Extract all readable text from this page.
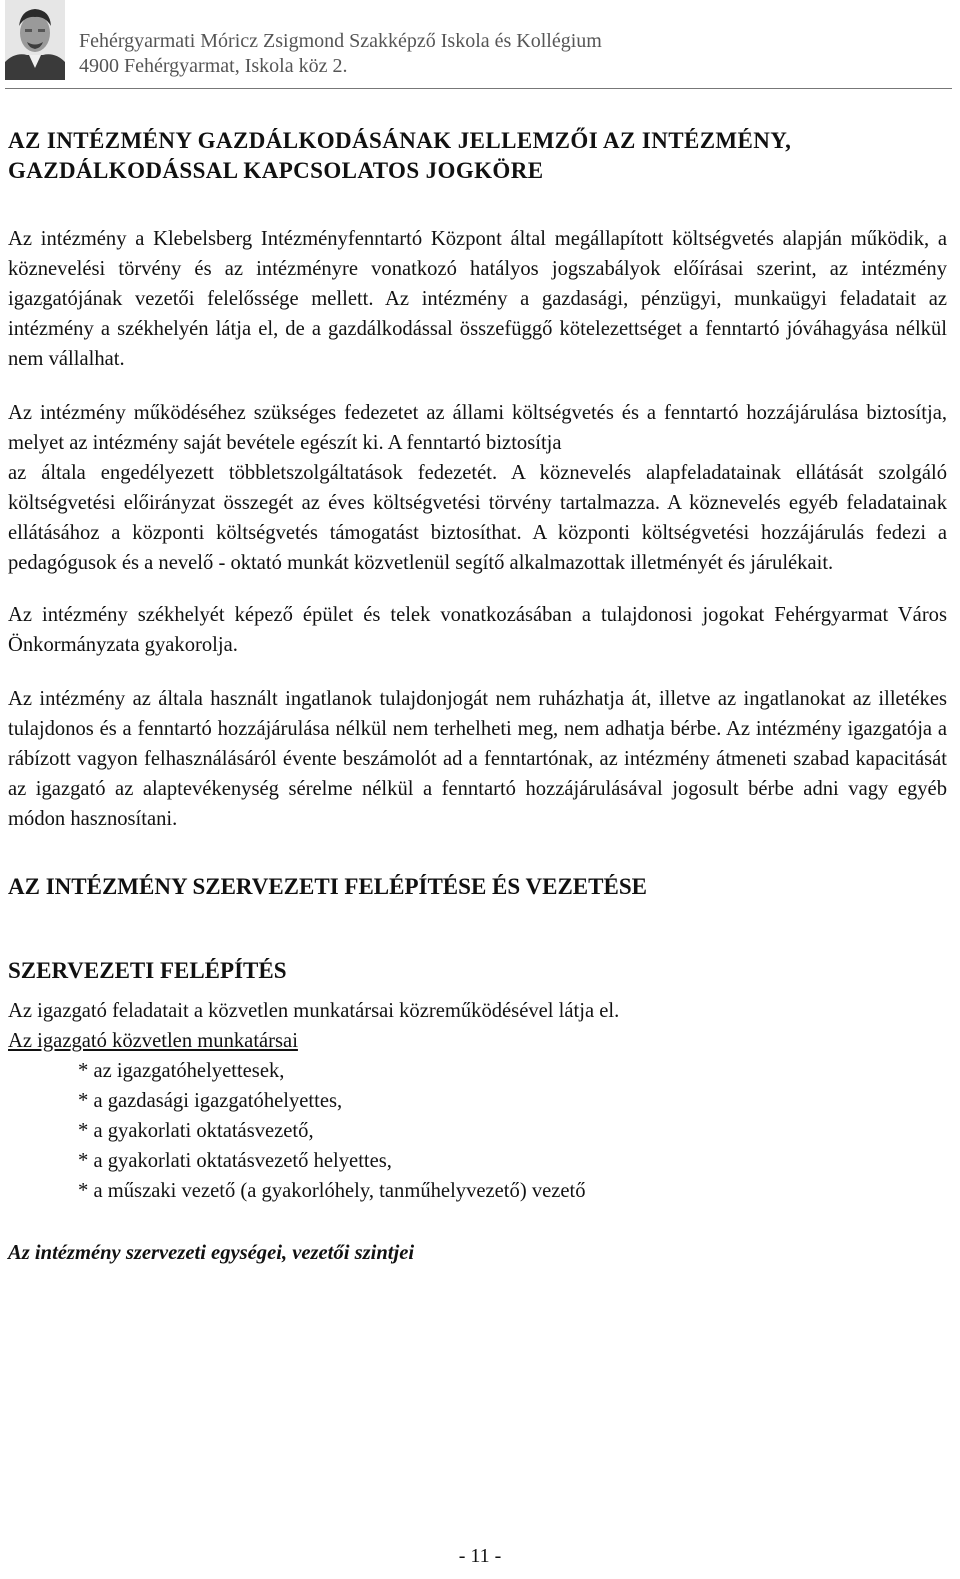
Fehérgyarmati Móricz Zsigmond Szakképző Iskola és Kollégium
4900 Fehérgyarmat, Iskola köz 2.
AZ INTÉZMÉNY GAZDÁLKODÁSÁNAK JELLEMZŐI AZ INTÉZMÉNY, GAZDÁLKODÁSSAL KAPCSOLATOS JOGKÖRE

Az intézmény a Klebelsberg Intézményfenntartó Központ által megállapított költségvetés alapján működik, a köznevelési törvény és az intézményre vonatkozó hatályos jogszabályok előírásai szerint, az intézmény igazgatójának vezetői felelőssége mellett. Az intézmény a gazdasági, pénzügyi, munkaügyi feladatait az intézmény a székhelyén látja el, de a gazdálkodással összefüggő kötelezettséget a fenntartó jóváhagyása nélkül nem vállalhat.

Az intézmény működéséhez szükséges fedezetet az állami költségvetés és a fenntartó hozzájárulása biztosítja, melyet az intézmény saját bevétele egészít ki. A fenntartó biztosítja

az általa engedélyezett többletszolgáltatások fedezetét. A köznevelés alapfeladatainak ellátását szolgáló költségvetési előirányzat összegét az éves költségvetési törvény tartalmazza. A köznevelés egyéb feladatainak ellátásához a központi költségvetés támogatást biztosíthat. A központi költségvetési hozzájárulás fedezi a pedagógusok és a nevelő ‐ oktató munkát közvetlenül segítő alkalmazottak illetményét és járulékait.

Az intézmény székhelyét képező épület és telek vonatkozásában a tulajdonosi jogokat Fehérgyarmat Város Önkormányzata gyakorolja.

Az intézmény az általa használt ingatlanok tulajdonjogát nem ruházhatja át, illetve az ingatlanokat az illetékes tulajdonos és a fenntartó hozzájárulása nélkül nem terhelheti meg, nem adhatja bérbe. Az intézmény igazgatója a rábízott vagyon felhasználásáról évente beszámolót ad a fenntartónak, az intézmény átmeneti szabad kapacitását az igazgató az alaptevékenység sérelme nélkül a fenntartó hozzájárulásával jogosult bérbe adni vagy egyéb módon hasznosítani.

AZ INTÉZMÉNY SZERVEZETI FELÉPÍTÉSE ÉS VEZETÉSE
SZERVEZETI FELÉPÍTÉS

Az igazgató feladatait a közvetlen munkatársai közreműködésével látja el.

Az igazgató közvetlen munkatársai
* az igazgatóhelyettesek,
* a gazdasági igazgatóhelyettes,
* a gyakorlati oktatásvezető,
* a gyakorlati oktatásvezető helyettes,
* a műszaki vezető (a gyakorlóhely, tanműhelyvezető) vezető
Az intézmény szervezeti egységei, vezetői szintjei
- 11 -
